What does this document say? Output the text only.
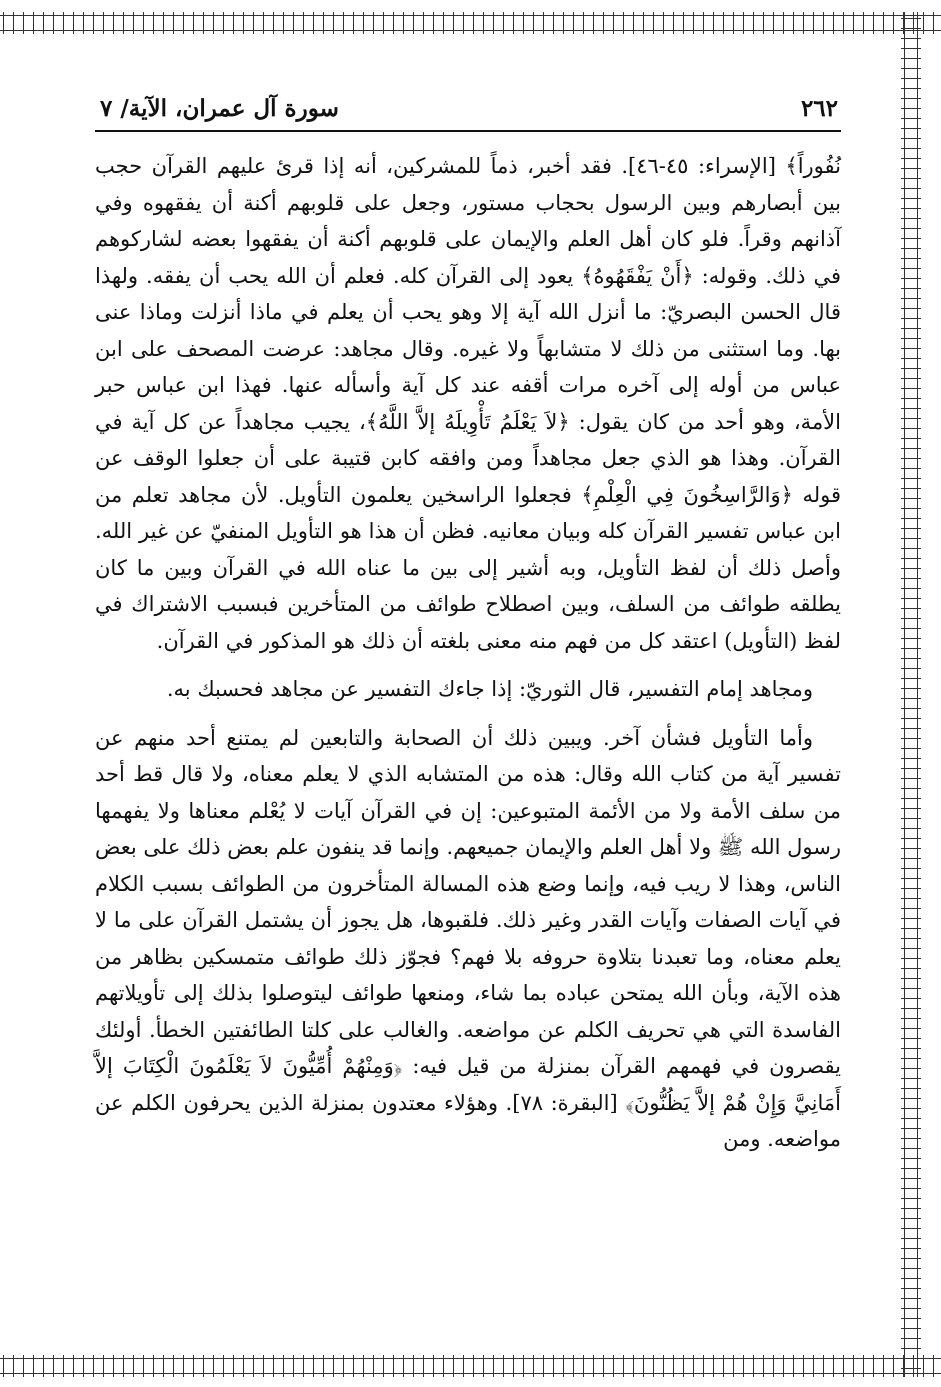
٢٦٢
سورة آل عمران، الآية/ ٧

نُفُوراً﴾ [الإسراء: ٤٥-٤٦]. فقد أخبر، ذماً للمشركين، أنه إذا قرئ عليهم القرآن حجب بين أبصارهم وبين الرسول بحجاب مستور، وجعل على قلوبهم أكنة أن يفقهوه وفي آذانهم وقراً. فلو كان أهل العلم والإيمان على قلوبهم أكنة أن يفقهوا بعضه لشاركوهم في ذلك. وقوله: ﴿أَنْ يَفْقَهُوهُ﴾ يعود إلى القرآن كله. فعلم أن الله يحب أن يفقه. ولهذا قال الحسن البصريّ: ما أنزل الله آية إلا وهو يحب أن يعلم في ماذا أنزلت وماذا عنى بها. وما استثنى من ذلك لا متشابهاً ولا غيره. وقال مجاهد: عرضت المصحف على ابن عباس من أوله إلى آخره مرات أقفه عند كل آية وأسأله عنها. فهذا ابن عباس حبر الأمة، وهو أحد من كان يقول: ﴿لاَ يَعْلَمُ تَأْوِيلَهُ إلاَّ اللَّهُ﴾، يجيب مجاهداً عن كل آية في القرآن. وهذا هو الذي جعل مجاهداً ومن وافقه كابن قتيبة على أن جعلوا الوقف عن قوله ﴿وَالرَّاسِخُونَ فِي الْعِلْمِ﴾ فجعلوا الراسخين يعلمون التأويل. لأن مجاهد تعلم من ابن عباس تفسير القرآن كله وبيان معانيه. فظن أن هذا هو التأويل المنفيّ عن غير الله. وأصل ذلك أن لفظ التأويل، وبه أشير إلى بين ما عناه الله في القرآن وبين ما كان يطلقه طوائف من السلف، وبين اصطلاح طوائف من المتأخرين فبسبب الاشتراك في لفظ (التأويل) اعتقد كل من فهم منه معنى بلغته أن ذلك هو المذكور في القرآن.

ومجاهد إمام التفسير، قال الثوريّ: إذا جاءك التفسير عن مجاهد فحسبك به.

وأما التأويل فشأن آخر. ويبين ذلك أن الصحابة والتابعين لم يمتنع أحد منهم عن تفسير آية من كتاب الله وقال: هذه من المتشابه الذي لا يعلم معناه، ولا قال قط أحد من سلف الأمة ولا من الأئمة المتبوعين: إن في القرآن آيات لا يُعْلم معناها ولا يفهمها رسول الله ﷺ ولا أهل العلم والإيمان جميعهم. وإنما قد ينفون علم بعض ذلك على بعض الناس، وهذا لا ريب فيه، وإنما وضع هذه المسالة المتأخرون من الطوائف بسبب الكلام في آيات الصفات وآيات القدر وغير ذلك. فلقبوها، هل يجوز أن يشتمل القرآن على ما لا يعلم معناه، وما تعبدنا بتلاوة حروفه بلا فهم؟ فجوّز ذلك طوائف متمسكين بظاهر من هذه الآية، وبأن الله يمتحن عباده بما شاء، ومنعها طوائف ليتوصلوا بذلك إلى تأويلاتهم الفاسدة التي هي تحريف الكلم عن مواضعه. والغالب على كلتا الطائفتين الخطأ. أولئك يقصرون في فهمهم القرآن بمنزلة من قيل فيه: ﴿وَمِنْهُمْ أُمِّيُّونَ لاَ يَعْلَمُونَ الْكِتَابَ إلاَّ أَمَانِيَّ وَإِنْ هُمْ إلاَّ يَظُنُّونَ﴾ [البقرة: ٧٨]. وهؤلاء معتدون بمنزلة الذين يحرفون الكلم عن مواضعه. ومن
